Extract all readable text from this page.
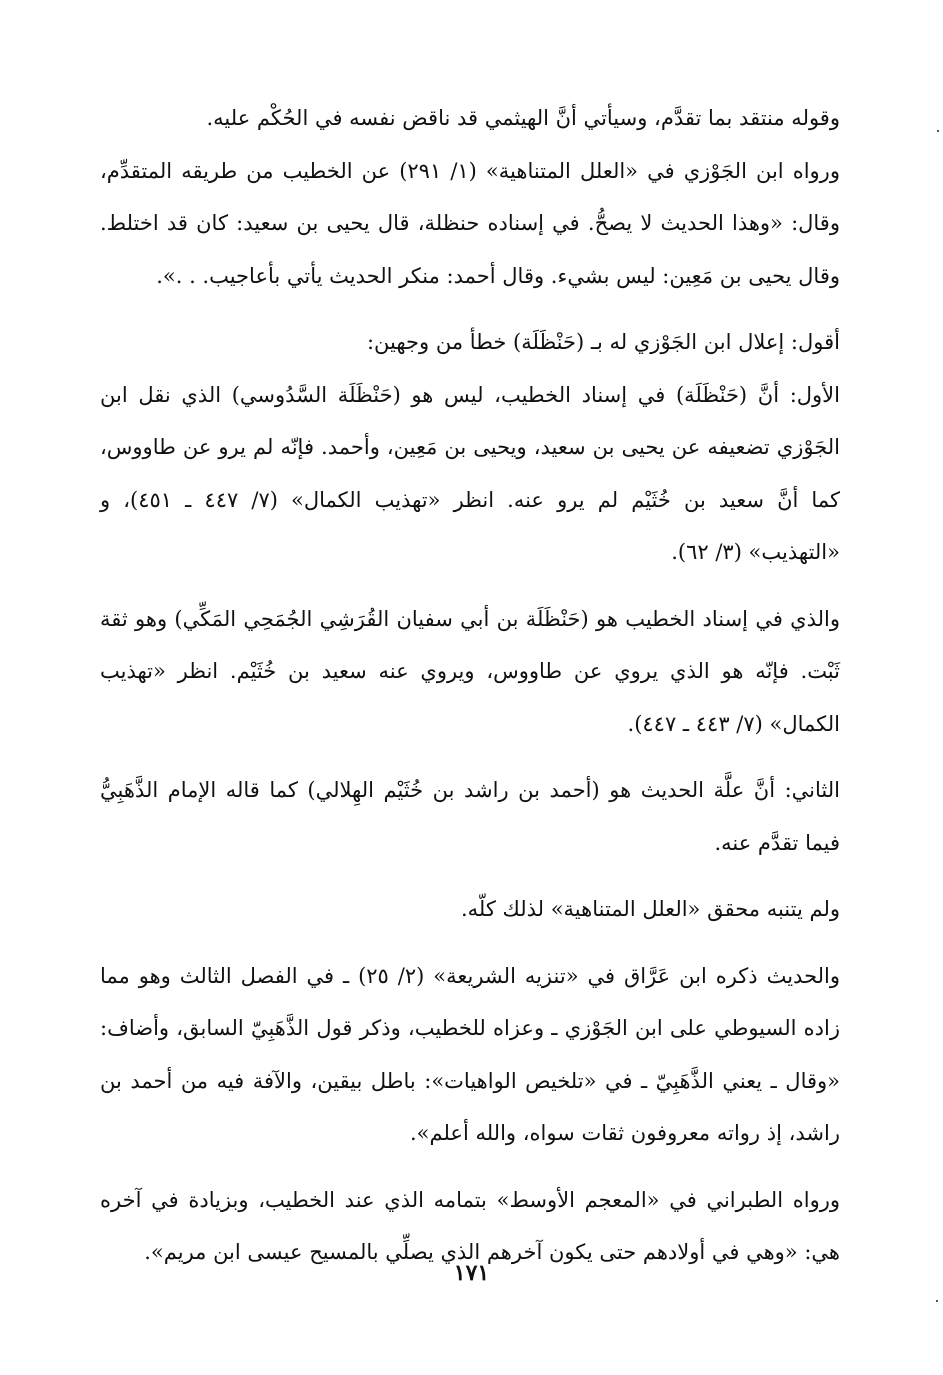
وقوله منتقد بما تقدَّم، وسيأتي أنَّ الهيثمي قد ناقض نفسه في الحُكْم عليه.

ورواه ابن الجَوْزي في «العلل المتناهية» (١/ ٢٩١) عن الخطيب من طريقه المتقدِّم، وقال: «وهذا الحديث لا يصحُّ. في إسناده حنظلة، قال يحيى بن سعيد: كان قد اختلط. وقال يحيى بن مَعِين: ليس بشيء. وقال أحمد: منكر الحديث يأتي بأعاجيب. . .».

أقول: إعلال ابن الجَوْزي له بـ (حَنْظَلَة) خطأ من وجهين:

الأول: أنَّ (حَنْظَلَة) في إسناد الخطيب، ليس هو (حَنْظَلَة السَّدُوسي) الذي نقل ابن الجَوْزي تضعيفه عن يحيى بن سعيد، ويحيى بن مَعِين، وأحمد. فإنّه لم يرو عن طاووس، كما أنَّ سعيد بن خُثَيْم لم يرو عنه. انظر «تهذيب الكمال» (٧/ ٤٤٧ ـ ٤٥١)، و «التهذيب» (٣/ ٦٢).

والذي في إسناد الخطيب هو (حَنْظَلَة بن أبي سفيان القُرَشِي الجُمَحِي المَكِّي) وهو ثقة ثَبْت. فإنّه هو الذي يروي عن طاووس، ويروي عنه سعيد بن خُثَيْم. انظر «تهذيب الكمال» (٧/ ٤٤٣ ـ ٤٤٧).

الثاني: أنَّ علَّة الحديث هو (أحمد بن راشد بن خُثَيْم الهِلالي) كما قاله الإمام الذَّهَبِيُّ فيما تقدَّم عنه.

ولم يتنبه محقق «العلل المتناهية» لذلك كلّه.

والحديث ذكره ابن عَرَّاق في «تنزيه الشريعة» (٢/ ٢٥) ـ في الفصل الثالث وهو مما زاده السيوطي على ابن الجَوْزي ـ وعزاه للخطيب، وذكر قول الذَّهَبِيّ السابق، وأضاف: «وقال ـ يعني الذَّهَبِيّ ـ في «تلخيص الواهيات»: باطل بيقين، والآفة فيه من أحمد بن راشد، إذ رواته معروفون ثقات سواه، والله أعلم».

ورواه الطبراني في «المعجم الأوسط» بتمامه الذي عند الخطيب، وبزيادة في آخره هي: «وهي في أولادهم حتى يكون آخرهم الذي يصلِّي بالمسيح عيسى ابن مريم».

١٧١
